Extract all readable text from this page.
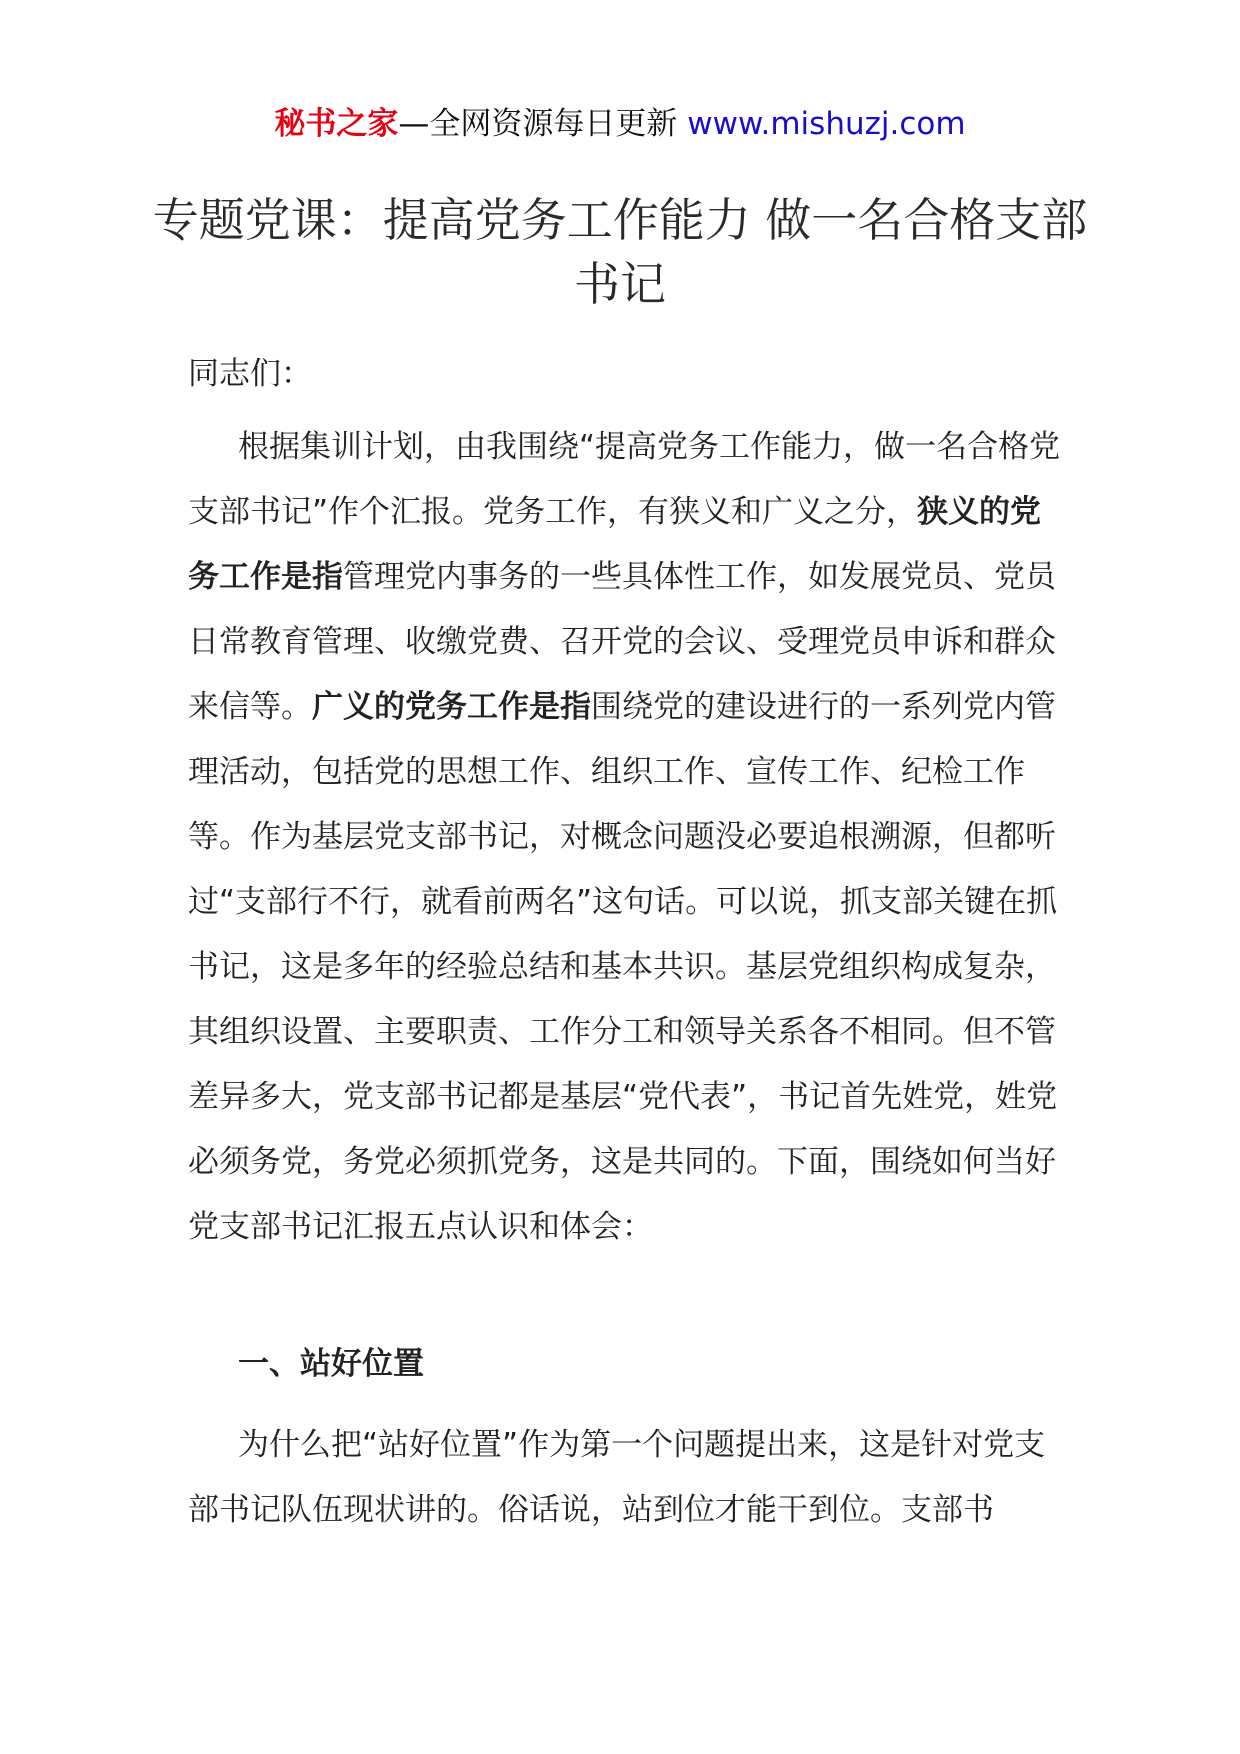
秘书之家—全网资源每日更新 www.mishuzj.com
专题党课：提高党务工作能力 做一名合格支部书记
同志们：
根据集训计划，由我围绕“提高党务工作能力，做一名合格党支部书记”作个汇报。党务工作，有狭义和广义之分，狭义的党务工作是指管理党内事务的一些具体性工作，如发展党员、党员日常教育管理、收缴党费、召开党的会议、受理党员申诉和群众来信等。广义的党务工作是指围绕党的建设进行的一系列党内管理活动，包括党的思想工作、组织工作、宣传工作、纪检工作等。作为基层党支部书记，对概念问题没必要追根溯源，但都听过“支部行不行，就看前两名”这句话。可以说，抓支部关键在抓书记，这是多年的经验总结和基本共识。基层党组织构成复杂，其组织设置、主要职责、工作分工和领导关系各不相同。但不管差异多大，党支部书记都是基层“党代表”，书记首先姓党，姓党必须务党，务党必须抓党务，这是共同的。下面，围绕如何当好党支部书记汇报五点认识和体会：
一、站好位置
为什么把“站好位置”作为第一个问题提出来，这是针对党支部书记队伍现状讲的。俗话说，站到位才能干到位。支部书
